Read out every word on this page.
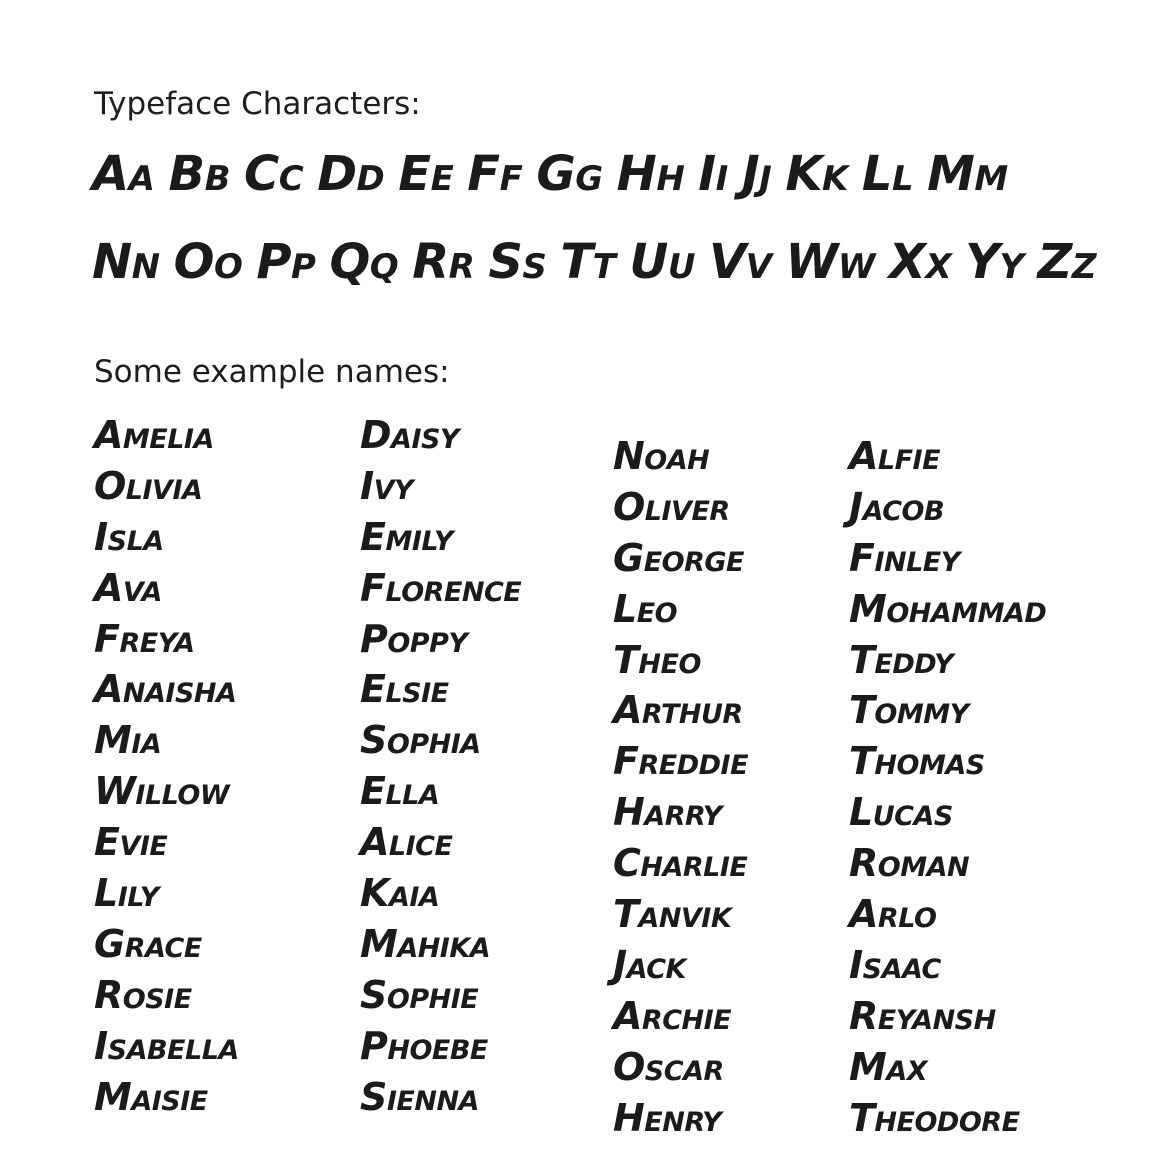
Typeface Characters:
Aa Bb Cc Dd Ee Ff Gg Hh Ii Jj Kk Ll Mm
Nn Oo Pp Qq Rr Ss Tt Uu Vv Ww Xx Yy Zz
Some example names:
Amelia
Olivia
Isla
Ava
Freya
Anaisha
Mia
Willow
Evie
Lily
Grace
Rosie
Isabella
Maisie
Daisy
Ivy
Emily
Florence
Poppy
Elsie
Sophia
Ella
Alice
Kaia
Mahika
Sophie
Phoebe
Sienna
Noah
Oliver
George
Leo
Theo
Arthur
Freddie
Harry
Charlie
Tanvik
Jack
Archie
Oscar
Henry
Alfie
Jacob
Finley
Mohammad
Teddy
Tommy
Thomas
Lucas
Roman
Arlo
Isaac
Reyansh
Max
Theodore
